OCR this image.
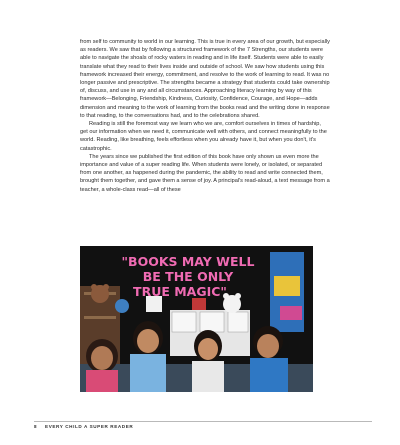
from self to community to world in our learning. This is true in every area of our growth, but especially as readers. We saw that by following a structured framework of the 7 Strengths, our students were able to navigate the shoals of rocky waters in reading and in life itself. Students were able to easily translate what they read to their lives inside and outside of school. We saw how students using this framework increased their energy, commitment, and resolve to the work of learning to read. It was no longer passive and prescriptive. The strengths became a strategy that students could take ownership of, discuss, and use in any and all circumstances. Approaching literacy learning by way of this framework—Belonging, Friendship, Kindness, Curiosity, Confidence, Courage, and Hope—adds dimension and meaning to the work of learning from the books read and the writing done in response to that reading, to the conversations had, and to the celebrations shared.

Reading is still the foremost way we learn who we are, comfort ourselves in times of hardship, get our information when we need it, communicate well with others, and connect meaningfully to the world. Reading, like breathing, feels effortless when you already have it, but when you don't, it's catastrophic.

The years since we published the first edition of this book have only shown us even more the importance and value of a super reading life. When students were lonely, or isolated, or separated from one another, as happened during the pandemic, the ability to read and write connected them, brought them together, and gave them a sense of joy. A principal's read-aloud, a text message from a teacher, a whole-class read—all of these

"BOOKS MAY WELL
BE THE ONLY
TRUE MAGIC"
8 EVERY CHILD A SUPER READER
